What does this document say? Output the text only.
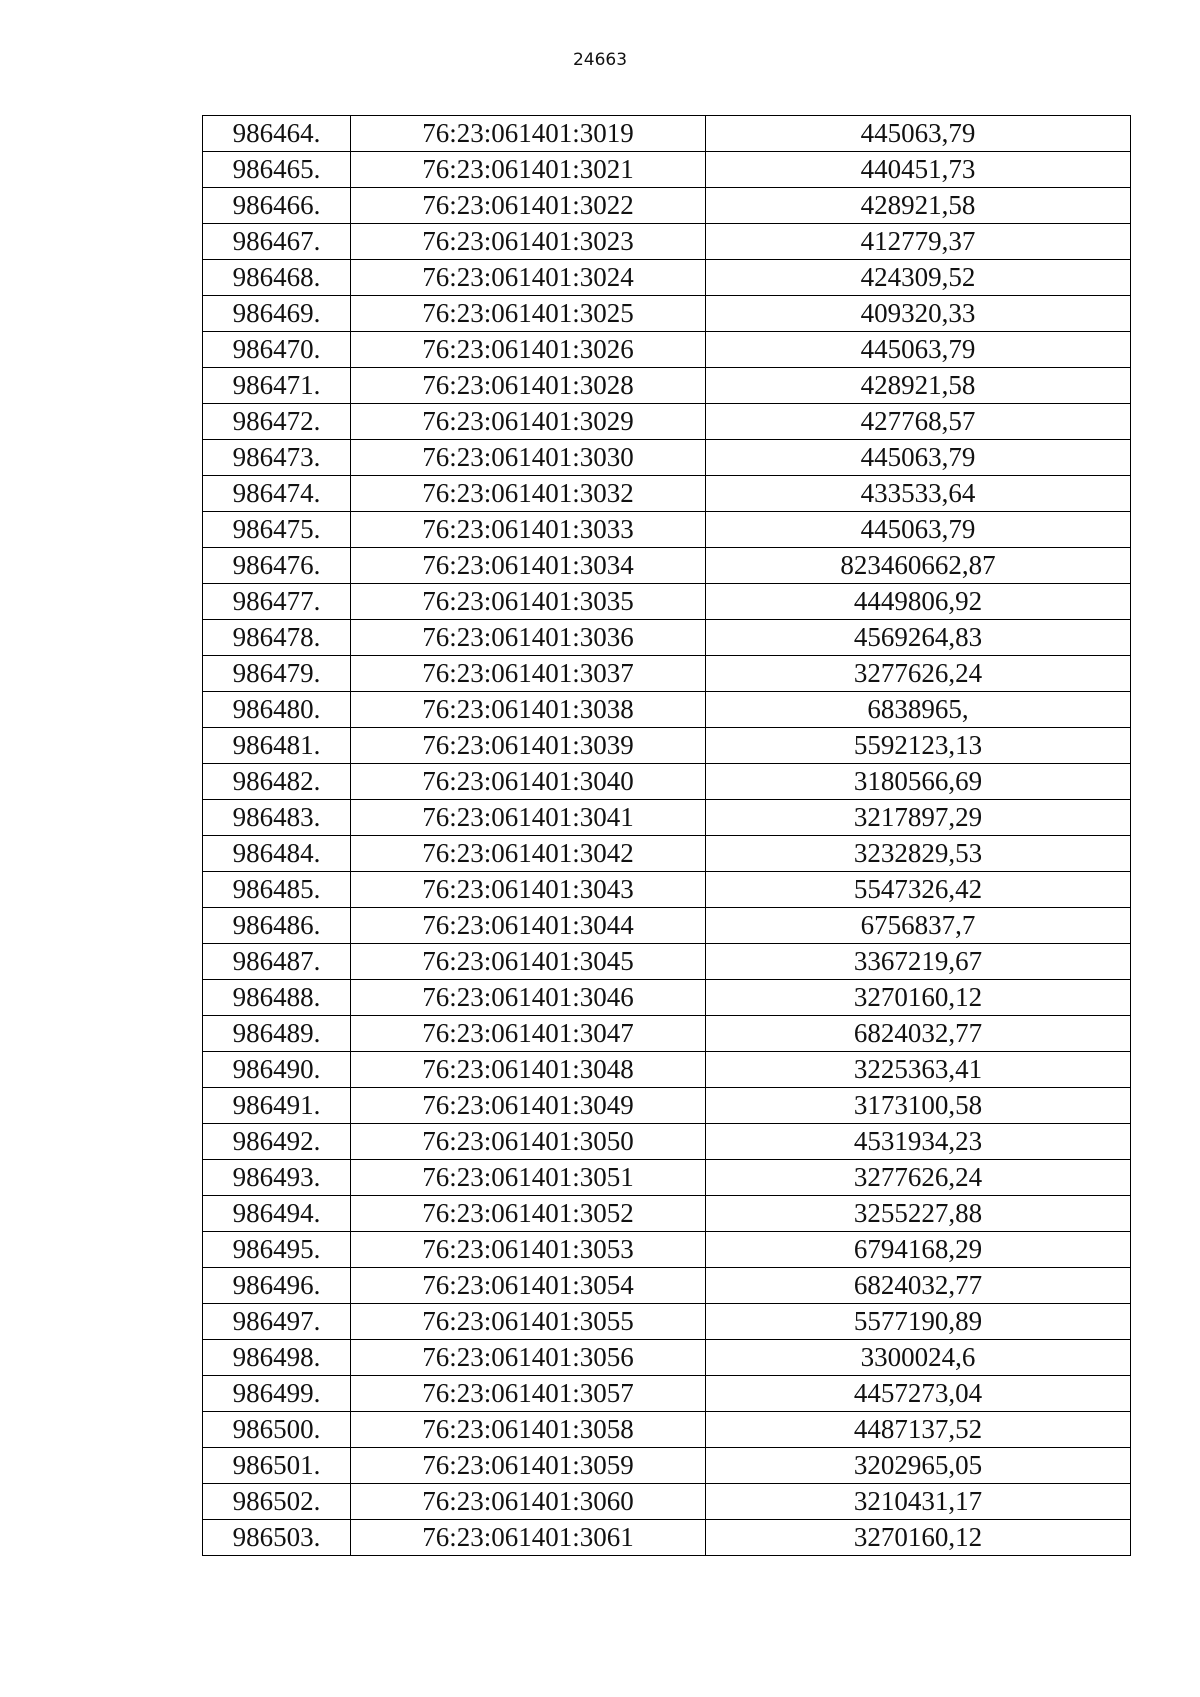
24663
986464.	76:23:061401:3019	445063,79
986465.	76:23:061401:3021	440451,73
986466.	76:23:061401:3022	428921,58
986467.	76:23:061401:3023	412779,37
986468.	76:23:061401:3024	424309,52
986469.	76:23:061401:3025	409320,33
986470.	76:23:061401:3026	445063,79
986471.	76:23:061401:3028	428921,58
986472.	76:23:061401:3029	427768,57
986473.	76:23:061401:3030	445063,79
986474.	76:23:061401:3032	433533,64
986475.	76:23:061401:3033	445063,79
986476.	76:23:061401:3034	823460662,87
986477.	76:23:061401:3035	4449806,92
986478.	76:23:061401:3036	4569264,83
986479.	76:23:061401:3037	3277626,24
986480.	76:23:061401:3038	6838965,
986481.	76:23:061401:3039	5592123,13
986482.	76:23:061401:3040	3180566,69
986483.	76:23:061401:3041	3217897,29
986484.	76:23:061401:3042	3232829,53
986485.	76:23:061401:3043	5547326,42
986486.	76:23:061401:3044	6756837,7
986487.	76:23:061401:3045	3367219,67
986488.	76:23:061401:3046	3270160,12
986489.	76:23:061401:3047	6824032,77
986490.	76:23:061401:3048	3225363,41
986491.	76:23:061401:3049	3173100,58
986492.	76:23:061401:3050	4531934,23
986493.	76:23:061401:3051	3277626,24
986494.	76:23:061401:3052	3255227,88
986495.	76:23:061401:3053	6794168,29
986496.	76:23:061401:3054	6824032,77
986497.	76:23:061401:3055	5577190,89
986498.	76:23:061401:3056	3300024,6
986499.	76:23:061401:3057	4457273,04
986500.	76:23:061401:3058	4487137,52
986501.	76:23:061401:3059	3202965,05
986502.	76:23:061401:3060	3210431,17
986503.	76:23:061401:3061	3270160,12
